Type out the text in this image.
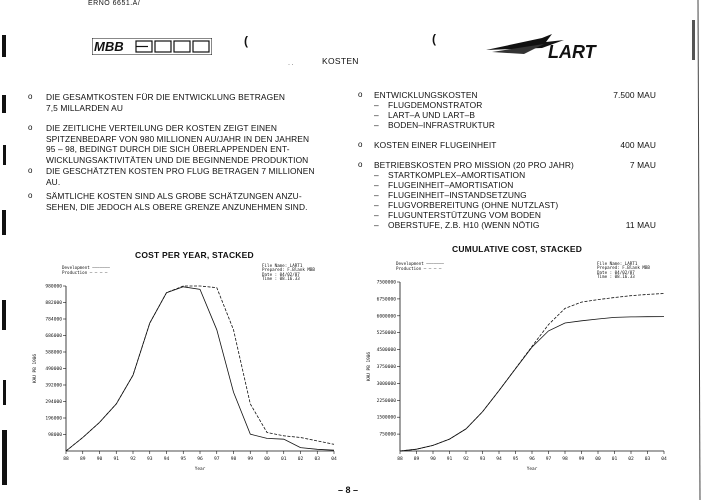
ERNO 6651.A/
MBB	(	(
LART
KOSTEN
· ·
o	DIE GESAMTKOSTEN FÜR DIE ENTWICKLUNG BETRAGEN
7,5 MILLARDEN AU
o	DIE ZEITLICHE VERTEILUNG DER KOSTEN ZEIGT EINEN
SPITZENBEDARF VON 980 MILLIONEN AU/JAHR IN DEN JAHREN
95 – 98, BEDINGT DURCH DIE SICH ÜBERLAPPENDEN ENT-
WICKLUNGSAKTIVITÄTEN UND DIE BEGINNENDE PRODUKTION
o	DIE GESCHÄTZTEN KOSTEN PRO FLUG BETRAGEN 7 MILLIONEN
AU.
o	SÄMTLICHE KOSTEN SIND ALS GROBE SCHÄTZUNGEN ANZU-
SEHEN, DIE JEDOCH ALS OBERE GRENZE ANZUNEHMEN SIND.
o	ENTWICKLUNGSKOSTEN	7.500 MAU
– FLUGDEMONSTRATOR
– LART–A UND LART–B
– BODEN–INFRASTRUKTUR
o	KOSTEN EINER FLUGEINHEIT	400 MAU
o	BETRIEBSKOSTEN PRO MISSION (20 PRO JAHR)	7 MAU
– STARTKOMPLEX–AMORTISATION
– FLUGEINHEIT–AMORTISATION
– FLUGEINHEIT–INSTANDSETZUNG
– FLUGVORBEREITUNG (OHNE NUTZLAST)
– FLUGUNTERSTÜTZUNG VOM BODEN
– OBERSTUFE, Z.B. H10 (WENN NÖTIG	11 MAU
COST PER YEAR, STACKED
CUMULATIVE COST, STACKED
Development ———————
Production — — — —
Development ———————
Production — — — —
File Name: LART1
Prepared: F.Blank MBB
Date : 04/02/87
Time : 08.16.33
File Name: LART1
Prepared: F.Blank MBB
Date : 04/02/87
Time : 08.16.33
98000
196000
294000
392000
490000
588000
686000
784000
882000
980000
88 89 90 91 92 93 94 95 96 97 98 99 00 01 02 03 04
Year
KAU PB 1986
750000
1500000
2250000
3000000
3750000
4500000
5250000
6000000
6750000
7500000
88 89 90 91 92 93 94 95 96 97 98 99 00 01 02 03 04
Year
KAU PB 1986
– 8 –
